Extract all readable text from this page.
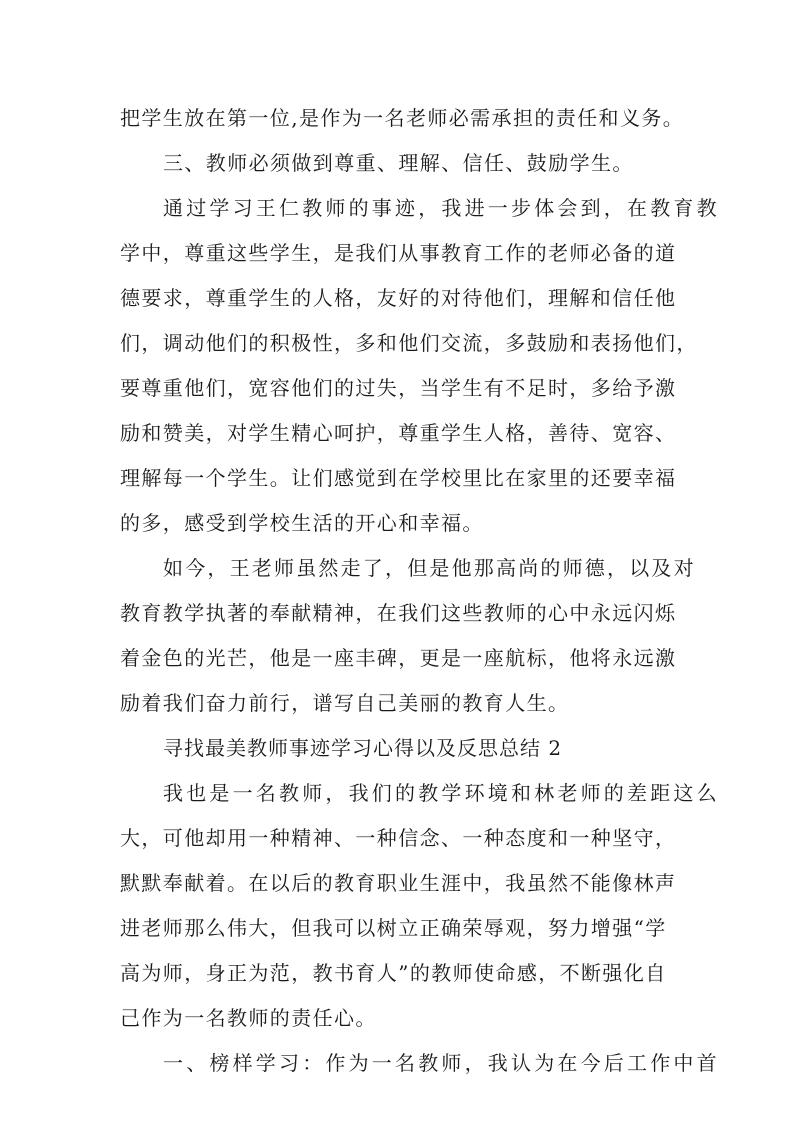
把学生放在第一位,是作为一名老师必需承担的责任和义务。
三、教师必须做到尊重、理解、信任、鼓励学生。
通过学习王仁教师的事迹，我进一步体会到，在教育教
学中，尊重这些学生，是我们从事教育工作的老师必备的道
德要求，尊重学生的人格，友好的对待他们，理解和信任他
们，调动他们的积极性，多和他们交流，多鼓励和表扬他们，
要尊重他们，宽容他们的过失，当学生有不足时，多给予激
励和赞美，对学生精心呵护，尊重学生人格，善待、宽容、
理解每一个学生。让们感觉到在学校里比在家里的还要幸福
的多，感受到学校生活的开心和幸福。
如今，王老师虽然走了，但是他那高尚的师德，以及对
教育教学执著的奉献精神，在我们这些教师的心中永远闪烁
着金色的光芒，他是一座丰碑，更是一座航标，他将永远激
励着我们奋力前行，谱写自己美丽的教育人生。
寻找最美教师事迹学习心得以及反思总结 2
我也是一名教师，我们的教学环境和林老师的差距这么
大，可他却用一种精神、一种信念、一种态度和一种坚守，
默默奉献着。在以后的教育职业生涯中，我虽然不能像林声
进老师那么伟大，但我可以树立正确荣辱观，努力增强“学
高为师，身正为范，教书育人”的教师使命感，不断强化自
己作为一名教师的责任心。
一、榜样学习：作为一名教师，我认为在今后工作中首
